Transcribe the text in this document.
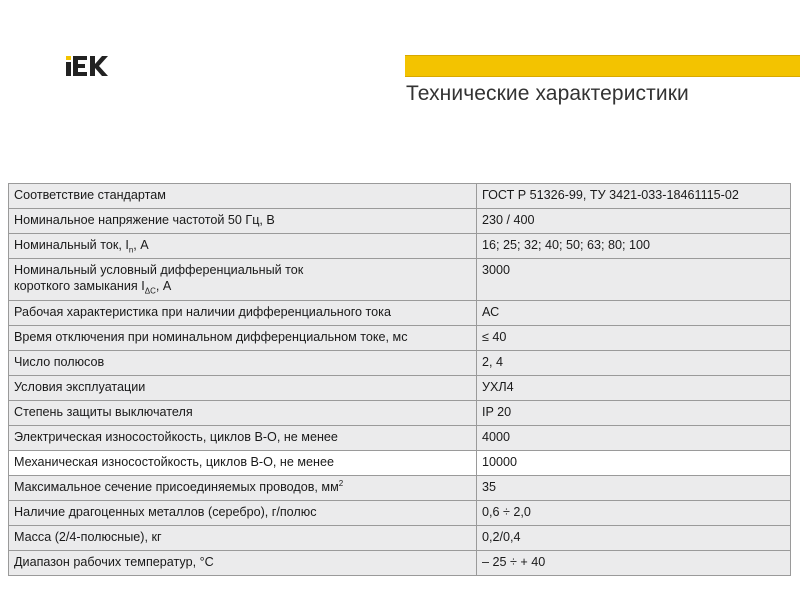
Технические характеристики
Соответствие стандартам	ГОСТ Р 51326-99, ТУ 3421-033-18461115-02
Номинальное напряжение частотой 50 Гц, В	230 / 400
Номинальный ток, $I_n$, А	16; 25; 32; 40; 50; 63; 80; 100
Номинальный условный дифференциальный ток
короткого замыкания $I_{\Delta C}$, А	3000
Рабочая характеристика при наличии дифференциального тока	АС
Время отключения при номинальном дифференциальном токе, мс	≤ 40
Число полюсов	2, 4
Условия эксплуатации	УХЛ4
Степень защиты выключателя	IP 20
Электрическая износостойкость, циклов В-О, не менее	4000
Механическая износостойкость, циклов В-О, не менее	10000
Максимальное сечение присоединяемых проводов, $мм^2$	35
Наличие драгоценных металлов (серебро), г/полюс	0,6 ÷ 2,0
Масса (2/4-полюсные), кг	0,2/0,4
Диапазон рабочих температур, °С	– 25 ÷ + 40
